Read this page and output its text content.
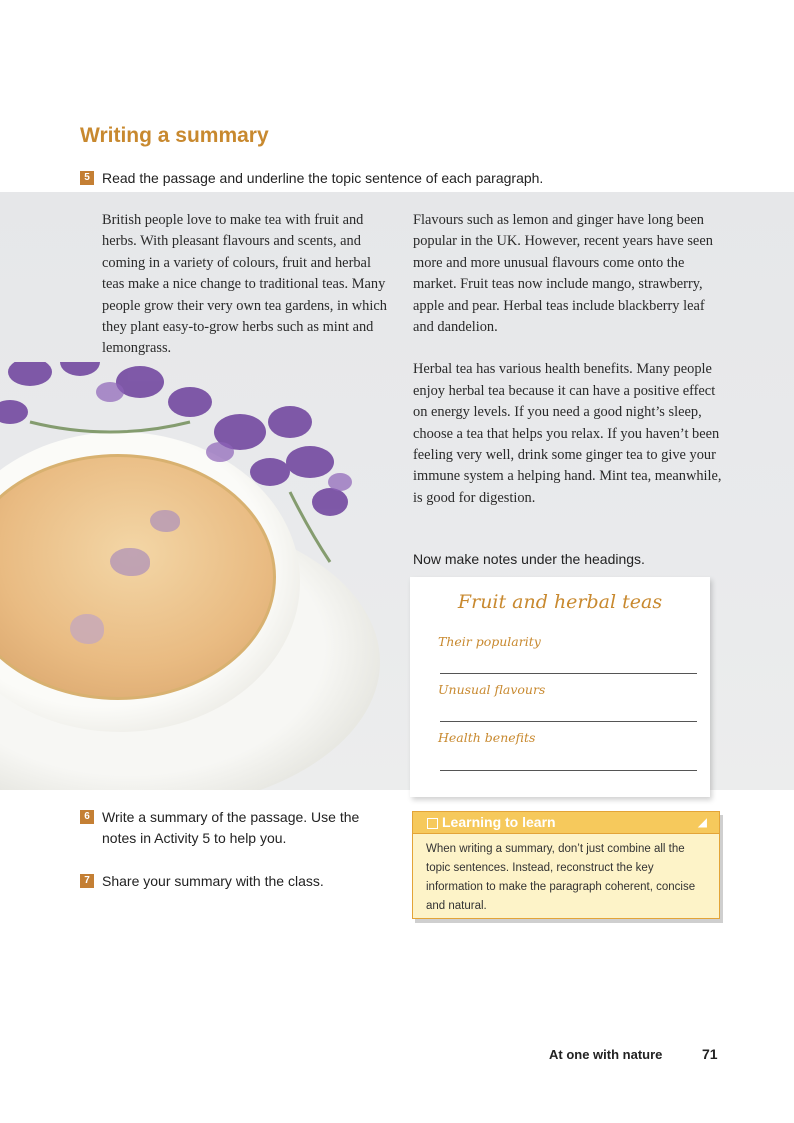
Writing a summary
5 Read the passage and underline the topic sentence of each paragraph.

British people love to make tea with fruit and herbs. With pleasant flavours and scents, and coming in a variety of colours, fruit and herbal teas make a nice change to traditional teas. Many people grow their very own tea gardens, in which they plant easy-to-grow herbs such as mint and lemongrass.

Flavours such as lemon and ginger have long been popular in the UK. However, recent years have seen more and more unusual flavours come onto the market. Fruit teas now include mango, strawberry, apple and pear. Herbal teas include blackberry leaf and dandelion.

Herbal tea has various health benefits. Many people enjoy herbal tea because it can have a positive effect on energy levels. If you need a good night’s sleep, choose a tea that helps you relax. If you haven’t been feeling very well, drink some ginger tea to give your immune system a helping hand. Mint tea, meanwhile, is good for digestion.

Now make notes under the headings.
Fruit and herbal teas
Their popularity
Unusual flavours
Health benefits
6 Write a summary of the passage. Use the notes in Activity 5 to help you.
7 Share your summary with the class.
Learning to learn	◢
When writing a summary, don’t just combine all the topic sentences. Instead, reconstruct the key information to make the paragraph coherent, concise and natural.
At one with nature	71
